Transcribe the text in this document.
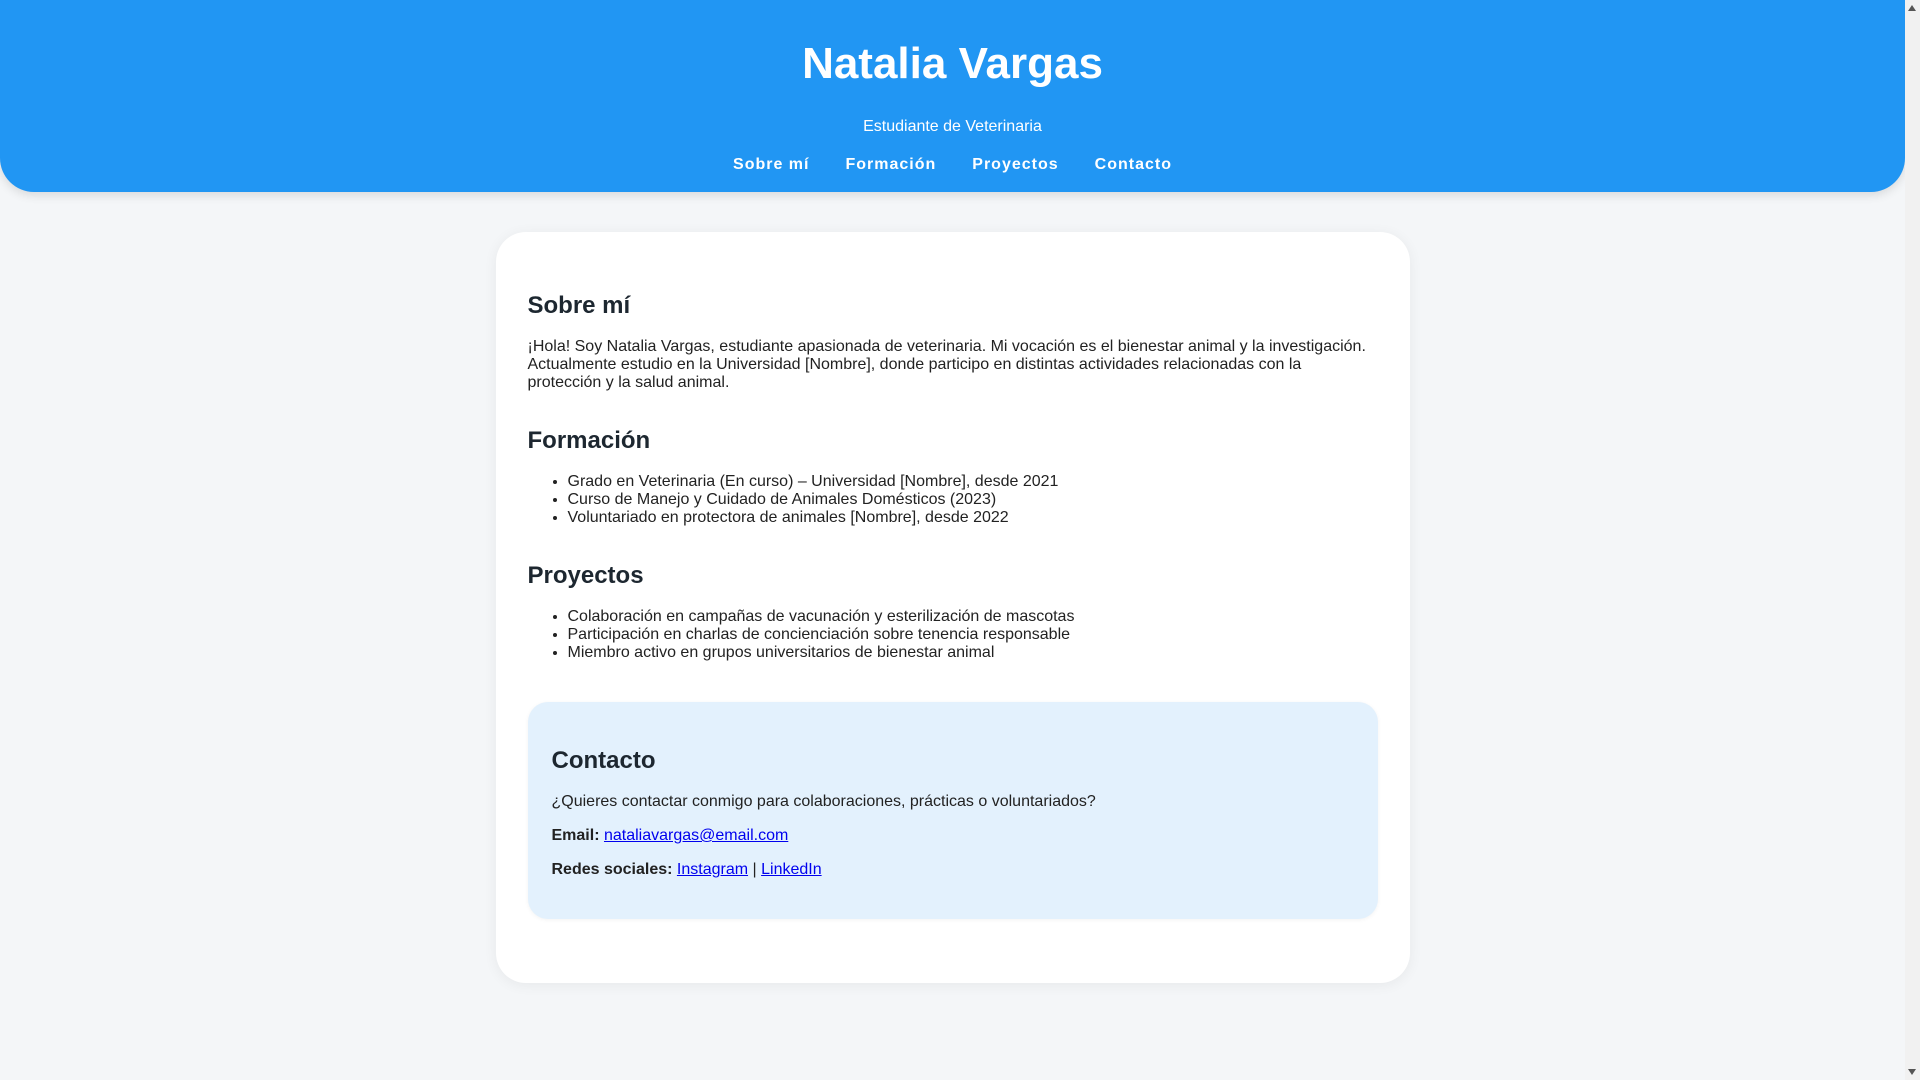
Natalia Vargas
Estudiante de Veterinaria
Sobre mí Formación Proyectos Contacto
Sobre mí

¡Hola! Soy Natalia Vargas, estudiante apasionada de veterinaria. Mi vocación es el bienestar animal y la investigación. Actualmente estudio en la Universidad [Nombre], donde participo en distintas actividades relacionadas con la protección y la salud animal.

Formación
• Grado en Veterinaria (En curso) – Universidad [Nombre], desde 2021
• Curso de Manejo y Cuidado de Animales Domésticos (2023)
• Voluntariado en protectora de animales [Nombre], desde 2022
Proyectos
• Colaboración en campañas de vacunación y esterilización de mascotas
• Participación en charlas de concienciación sobre tenencia responsable
• Miembro activo en grupos universitarios de bienestar animal
Contacto

¿Quieres contactar conmigo para colaboraciones, prácticas o voluntariados?

Email: nataliavargas@email.com

Redes sociales: Instagram | LinkedIn
